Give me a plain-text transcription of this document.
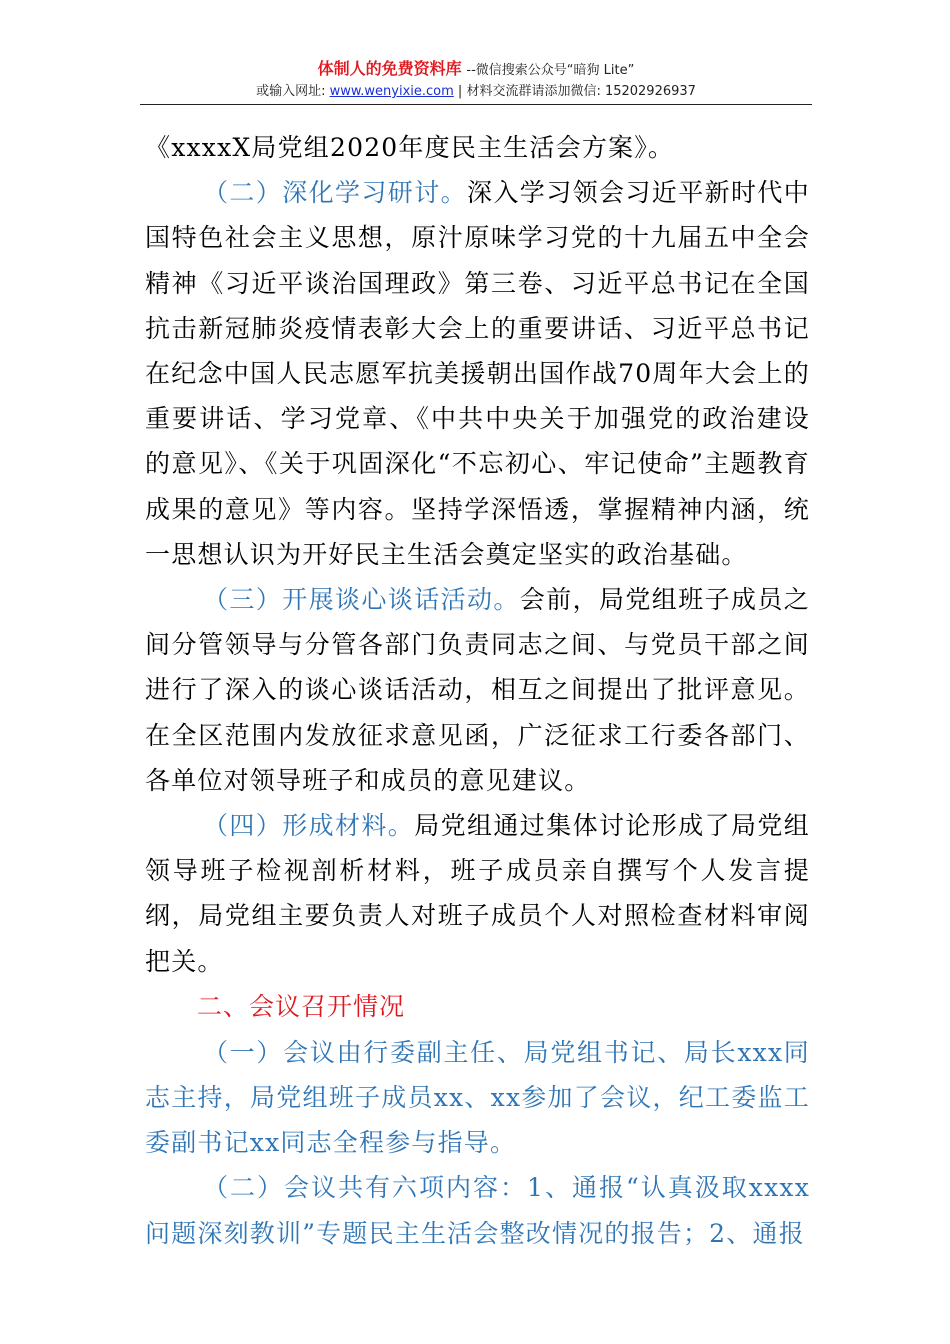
体制人的免费资料库 --微信搜索公众号“暗狗 Lite”
或输入网址: www.wenyixie.com | 材料交流群请添加微信: 15202926937

《xxxxX局党组2020年度民主生活会方案》。

（二）深化学习研讨。深入学习领会习近平新时代中国特色社会主义思想，原汁原味学习党的十九届五中全会精神《习近平谈治国理政》第三卷、习近平总书记在全国抗击新冠肺炎疫情表彰大会上的重要讲话、习近平总书记在纪念中国人民志愿军抗美援朝出国作战70周年大会上的重要讲话、学习党章、《中共中央关于加强党的政治建设的意见》、《关于巩固深化“不忘初心、牢记使命”主题教育成果的意见》等内容。坚持学深悟透，掌握精神内涵，统一思想认识为开好民主生活会奠定坚实的政治基础。

（三）开展谈心谈话活动。会前，局党组班子成员之间分管领导与分管各部门负责同志之间、与党员干部之间进行了深入的谈心谈话活动，相互之间提出了批评意见。在全区范围内发放征求意见函，广泛征求工行委各部门、各单位对领导班子和成员的意见建议。

（四）形成材料。局党组通过集体讨论形成了局党组领导班子检视剖析材料，班子成员亲自撰写个人发言提纲，局党组主要负责人对班子成员个人对照检查材料审阅把关。

二、会议召开情况

（一）会议由行委副主任、局党组书记、局长xxx同志主持，局党组班子成员xx、xx参加了会议，纪工委监工委副书记xx同志全程参与指导。

（二）会议共有六项内容：1、通报“认真汲取xxxx问题深刻教训”专题民主生活会整改情况的报告；2、通报
